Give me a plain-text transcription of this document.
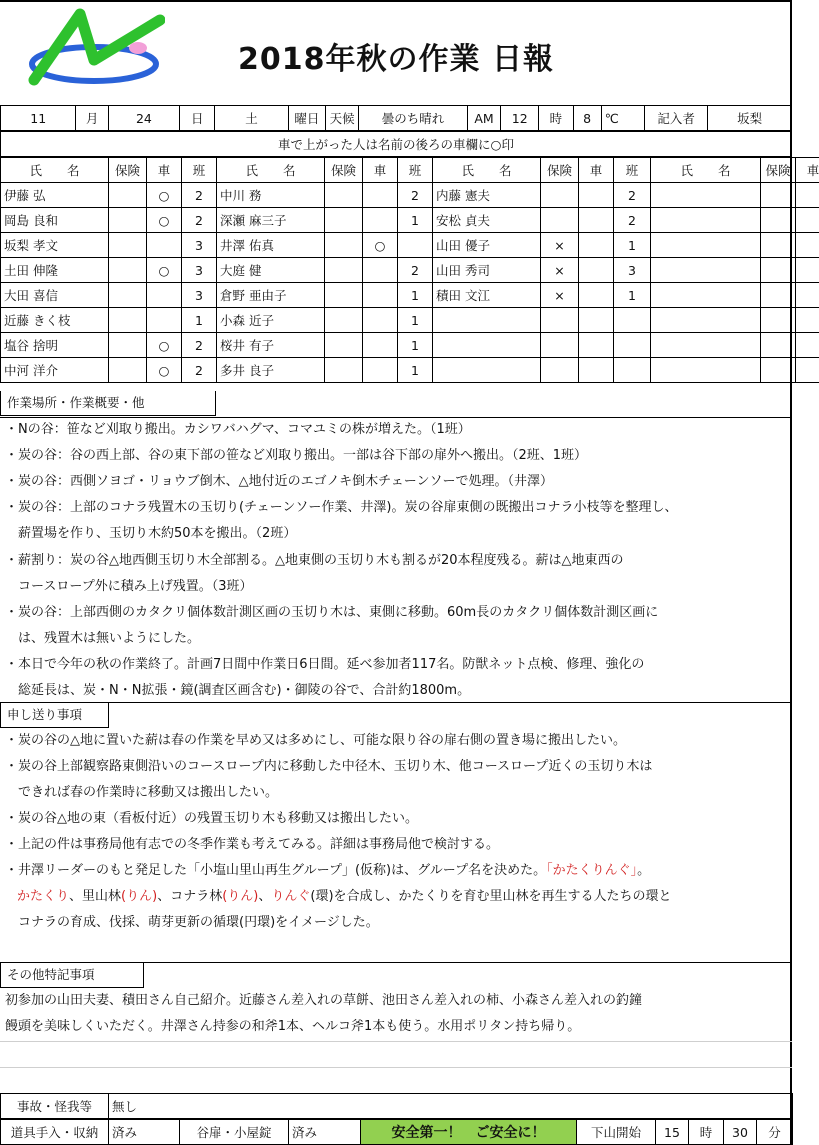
2018年秋の作業 日報
11	月	24	日	土	曜日	天候	曇のち晴れ	AM	12	時	8	℃	記入者	坂梨
車で上がった人は名前の後ろの車欄に○印
氏　　名	保険	車	班	氏　　名	保険	車	班	氏　　名	保険	車	班	氏　　名	保険	車
伊藤 弘		○	2	中川 務			2	内藤 憲夫			2			
岡島 良和		○	2	深瀬 麻三子			1	安松 貞夫			2			
坂梨 孝文			3	井澤 佑真		○		山田 優子	×		1			
土田 伸隆		○	3	大庭 健			2	山田 秀司	×		3			
大田 喜信			3	倉野 亜由子			1	積田 文江	×		1			
近藤 きく枝			1	小森 近子			1							
塩谷 捨明		○	2	桜井 有子			1							
中河 洋介		○	2	多井 良子			1							
作業場所・作業概要・他
・Nの谷：笹など刈取り搬出。カシワバハグマ、コマユミの株が増えた。（1班）
・炭の谷：谷の西上部、谷の東下部の笹など刈取り搬出。一部は谷下部の扉外へ搬出。（2班、1班）
・炭の谷：西側ソヨゴ・リョウブ倒木、△地付近のエゴノキ倒木チェーンソーで処理。（井澤）
・炭の谷：上部のコナラ残置木の玉切り(チェーンソー作業、井澤)。炭の谷扉東側の既搬出コナラ小枝等を整理し、
　薪置場を作り、玉切り木約50本を搬出。（2班）
・薪割り：炭の谷△地西側玉切り木全部割る。△地東側の玉切り木も割るが20本程度残る。薪は△地東西の
　コースロープ外に積み上げ残置。（3班）
・炭の谷：上部西側のカタクリ個体数計測区画の玉切り木は、東側に移動。60m長のカタクリ個体数計測区画に
　は、残置木は無いようにした。
・本日で今年の秋の作業終了。計画7日間中作業日6日間。延べ参加者117名。防獣ネット点検、修理、強化の
　総延長は、炭・N・N拡張・鏡(調査区画含む)・御陵の谷で、合計約1800m。
申し送り事項
・炭の谷の△地に置いた薪は春の作業を早め又は多めにし、可能な限り谷の扉右側の置き場に搬出したい。
・炭の谷上部観察路東側沿いのコースロープ内に移動した中径木、玉切り木、他コースロープ近くの玉切り木は
　できれば春の作業時に移動又は搬出したい。
・炭の谷△地の東（看板付近）の残置玉切り木も移動又は搬出したい。
・上記の件は事務局他有志での冬季作業も考えてみる。詳細は事務局他で検討する。
・井澤リーダーのもと発足した「小塩山里山再生グループ」(仮称)は、グループ名を決めた。「かたくりんぐ」。
かたくり、里山林(りん)、コナラ林(りん)、りんぐ(環)を合成し、かたくりを育む里山林を再生する人たちの環と
　コナラの育成、伐採、萌芽更新の循環(円環)をイメージした。
その他特記事項
初参加の山田夫妻、積田さん自己紹介。近藤さん差入れの草餅、池田さん差入れの柿、小森さん差入れの釣鐘
饅頭を美味しくいただく。井澤さん持参の和斧1本、ヘルコ斧1本も使う。水用ポリタン持ち帰り。
事故・怪我等	無し
道具手入・収納	済み	谷扉・小屋錠	済み	安全第一！　ご安全に！	下山開始	15	時	30	分
